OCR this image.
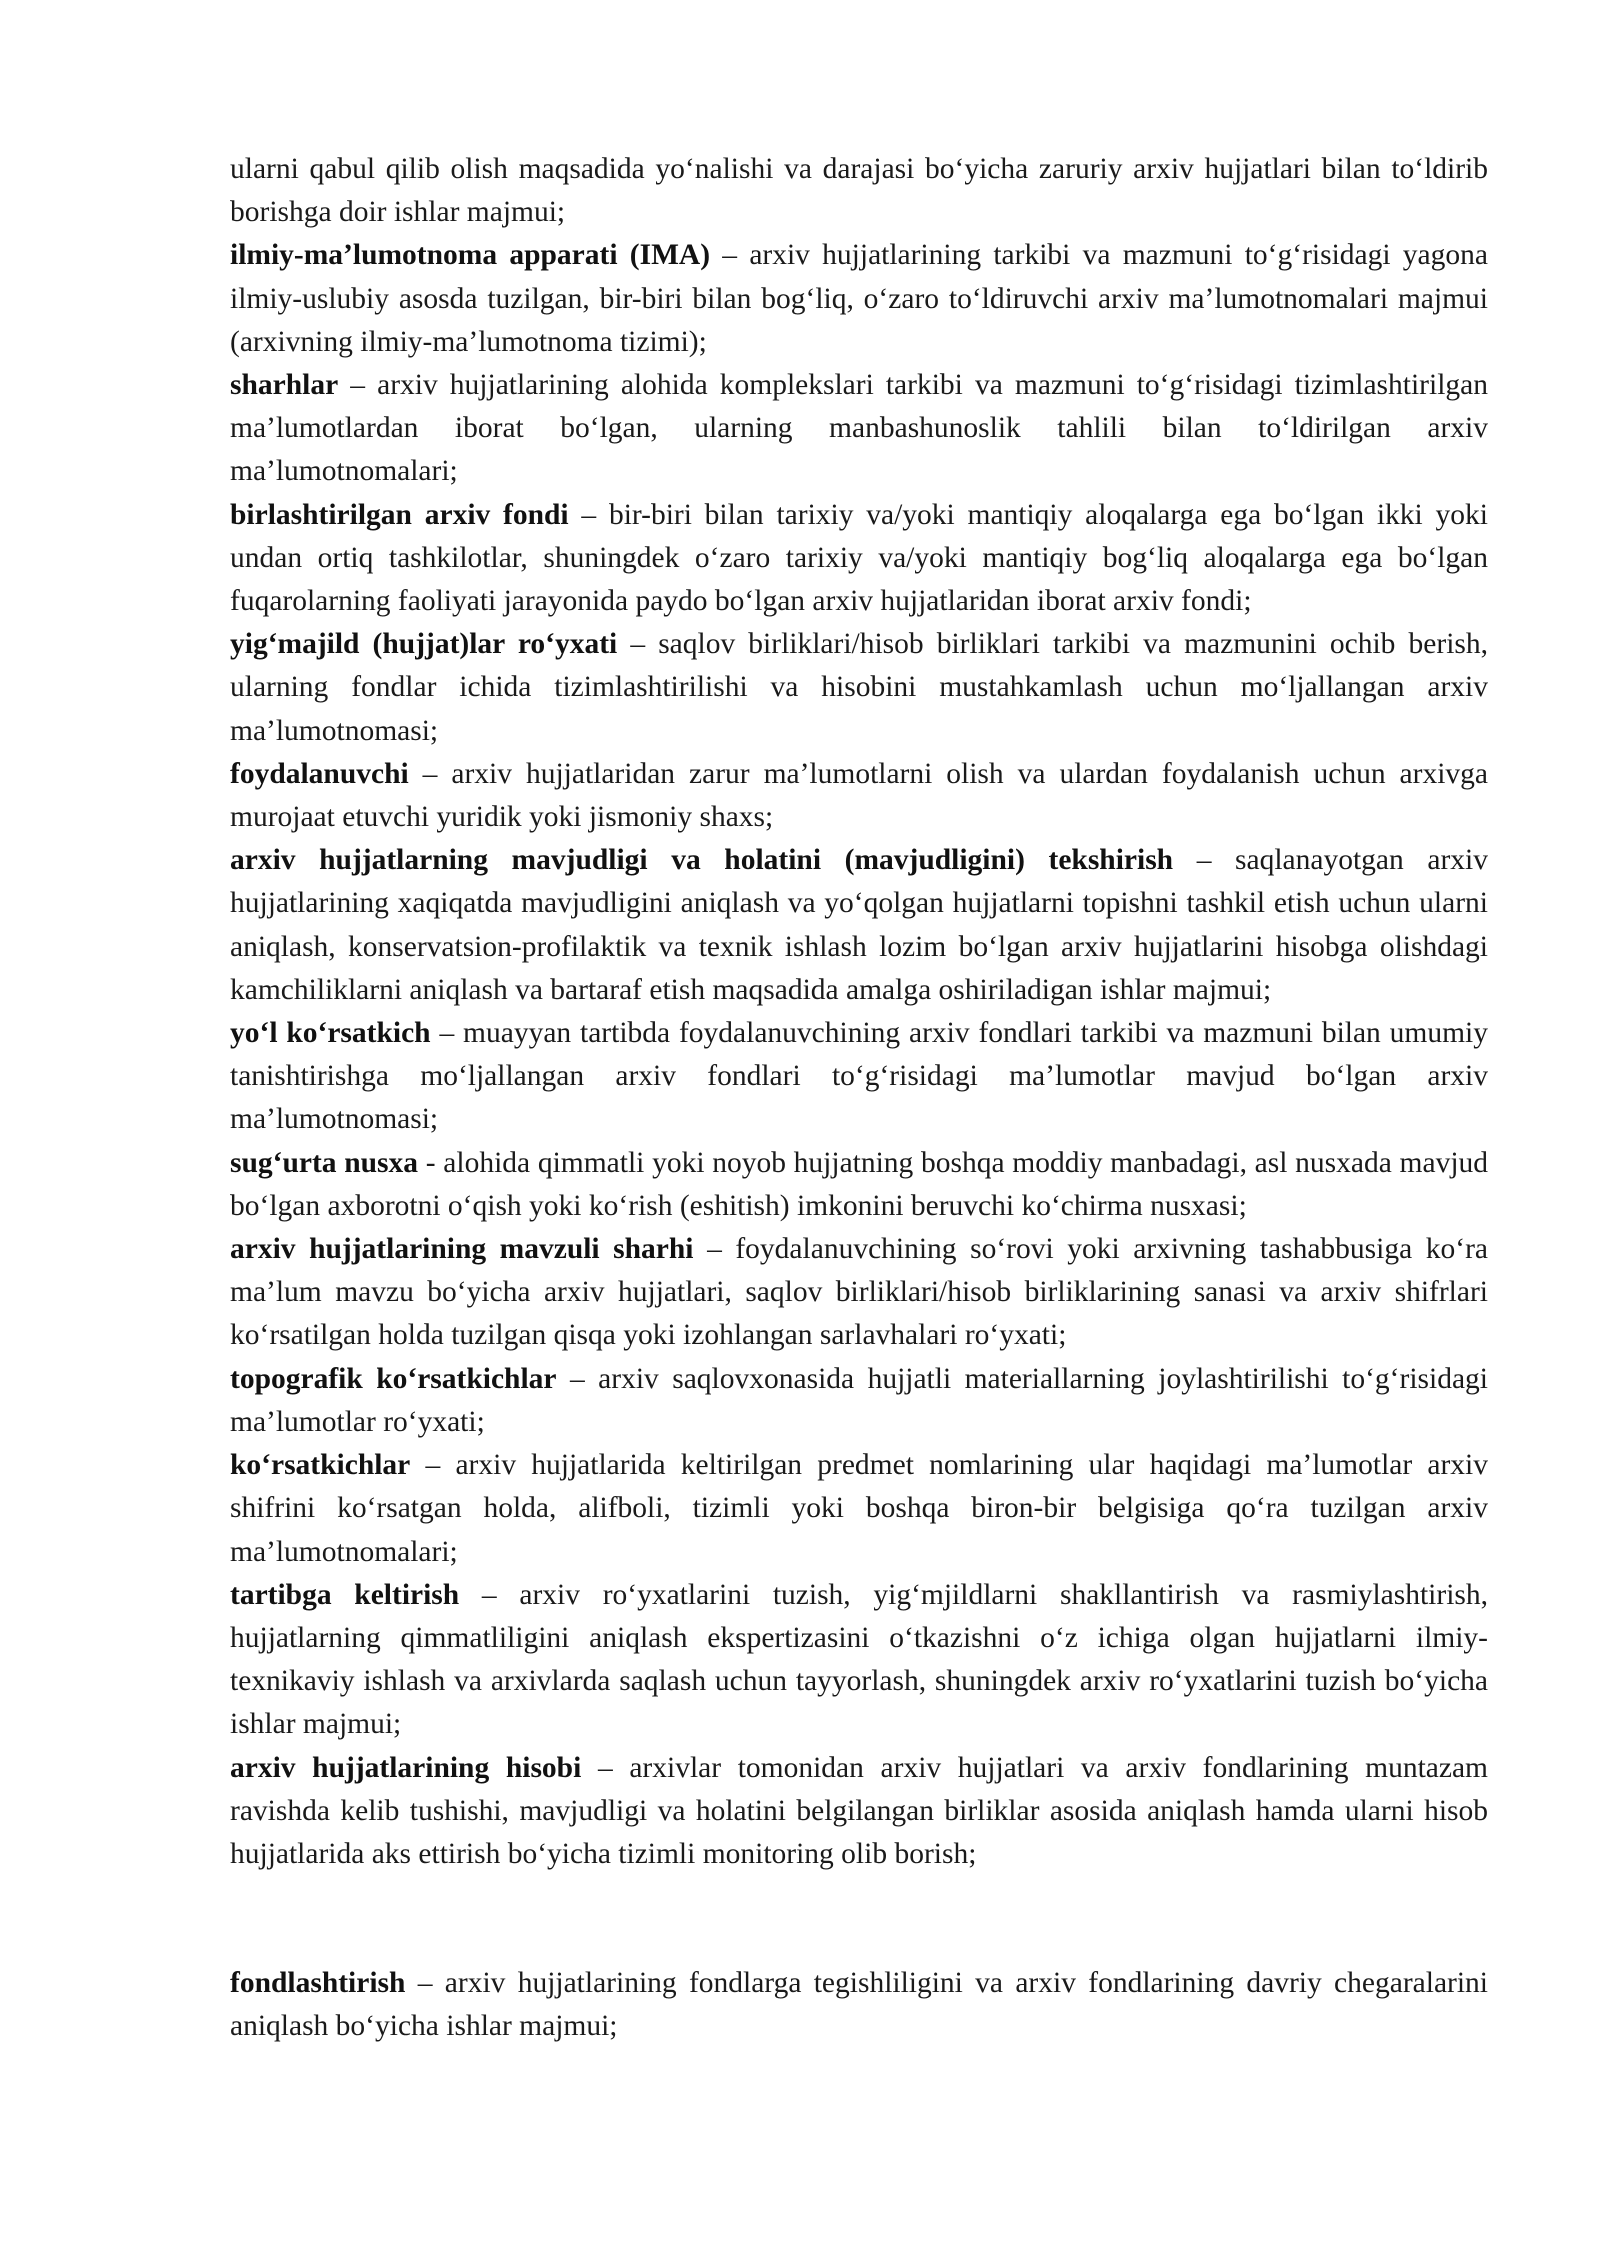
ularni qabul qilib olish maqsadida yo‘nalishi va darajasi bo‘yicha zaruriy arxiv hujjatlari bilan to‘ldirib borishga doir ishlar majmui;

ilmiy-ma’lumotnoma apparati (IMA) – arxiv hujjatlarining tarkibi va mazmuni to‘g‘risidagi yagona ilmiy-uslubiy asosda tuzilgan, bir-biri bilan bog‘liq, o‘zaro to‘ldiruvchi arxiv ma’lumotnomalari majmui (arxivning ilmiy-ma’lumotnoma tizimi);

sharhlar – arxiv hujjatlarining alohida komplekslari tarkibi va mazmuni to‘g‘risidagi tizimlashtirilgan ma’lumotlardan iborat bo‘lgan, ularning manbashunoslik tahlili bilan to‘ldirilgan arxiv ma’lumotnomalari;

birlashtirilgan arxiv fondi – bir-biri bilan tarixiy va/yoki mantiqiy aloqalarga ega bo‘lgan ikki yoki undan ortiq tashkilotlar, shuningdek o‘zaro tarixiy va/yoki mantiqiy bog‘liq aloqalarga ega bo‘lgan fuqarolarning faoliyati jarayonida paydo bo‘lgan arxiv hujjatlaridan iborat arxiv fondi;

yig‘majild (hujjat)lar ro‘yxati – saqlov birliklari/hisob birliklari tarkibi va mazmunini ochib berish, ularning fondlar ichida tizimlashtirilishi va hisobini mustahkamlash uchun mo‘ljallangan arxiv ma’lumotnomasi;

foydalanuvchi – arxiv hujjatlaridan zarur ma’lumotlarni olish va ulardan foydalanish uchun arxivga murojaat etuvchi yuridik yoki jismoniy shaxs;

arxiv hujjatlarning mavjudligi va holatini (mavjudligini) tekshirish – saqlanayotgan arxiv hujjatlarining xaqiqatda mavjudligini aniqlash va yo‘qolgan hujjatlarni topishni tashkil etish uchun ularni aniqlash, konservatsion-profilaktik va texnik ishlash lozim bo‘lgan arxiv hujjatlarini hisobga olishdagi kamchiliklarni aniqlash va bartaraf etish maqsadida amalga oshiriladigan ishlar majmui;

yo‘l ko‘rsatkich – muayyan tartibda foydalanuvchining arxiv fondlari tarkibi va mazmuni bilan umumiy tanishtirishga mo‘ljallangan arxiv fondlari to‘g‘risidagi ma’lumotlar mavjud bo‘lgan arxiv ma’lumotnomasi;

sug‘urta nusxa - alohida qimmatli yoki noyob hujjatning boshqa moddiy manbadagi, asl nusxada mavjud bo‘lgan axborotni o‘qish yoki ko‘rish (eshitish) imkonini beruvchi ko‘chirma nusxasi;

arxiv hujjatlarining mavzuli sharhi – foydalanuvchining so‘rovi yoki arxivning tashabbusiga ko‘ra ma’lum mavzu bo‘yicha arxiv hujjatlari, saqlov birliklari/hisob birliklarining sanasi va arxiv shifrlari ko‘rsatilgan holda tuzilgan qisqa yoki izohlangan sarlavhalari ro‘yxati;

topografik ko‘rsatkichlar – arxiv saqlovxonasida hujjatli materiallarning joylashtirilishi to‘g‘risidagi ma’lumotlar ro‘yxati;

ko‘rsatkichlar – arxiv hujjatlarida keltirilgan predmet nomlarining ular haqidagi ma’lumotlar arxiv shifrini ko‘rsatgan holda, alifboli, tizimli yoki boshqa biron-bir belgisiga qo‘ra tuzilgan arxiv ma’lumotnomalari;

tartibga keltirish – arxiv ro‘yxatlarini tuzish, yig‘mjildlarni shakllantirish va rasmiylashtirish, hujjatlarning qimmatliligini aniqlash ekspertizasini o‘tkazishni o‘z ichiga olgan hujjatlarni ilmiy-texnikaviy ishlash va arxivlarda saqlash uchun tayyorlash, shuningdek arxiv ro‘yxatlarini tuzish bo‘yicha ishlar majmui;

arxiv hujjatlarining hisobi – arxivlar tomonidan arxiv hujjatlari va arxiv fondlarining muntazam ravishda kelib tushishi, mavjudligi va holatini belgilangan birliklar asosida aniqlash hamda ularni hisob hujjatlarida aks ettirish bo‘yicha tizimli monitoring olib borish;

fondlashtirish – arxiv hujjatlarining fondlarga tegishliligini va arxiv fondlarining davriy chegaralarini aniqlash bo‘yicha ishlar majmui;
